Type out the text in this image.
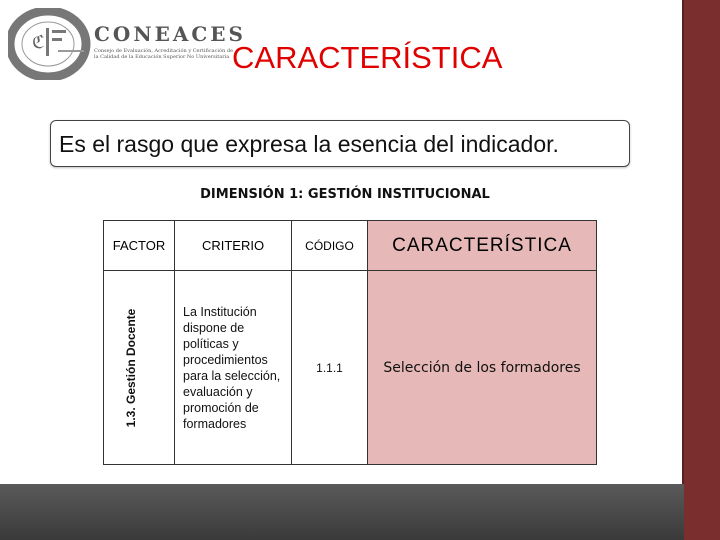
ℭ CONEACES
Consejo de Evaluación, Acreditación y Certificación de la Calidad de la Educación Superior No Universitaria CARACTERÍSTICA
Es el rasgo que expresa la esencia del indicador.
DIMENSIÓN 1: GESTIÓN INSTITUCIONAL
FACTOR	CRITERIO	CÓDIGO	CARACTERÍSTICA

1.3. Gestión Docente	La Institución dispone de políticas y procedimientos para la selección, evaluación y promoción de formadores	1.1.1	Selección de los formadores
